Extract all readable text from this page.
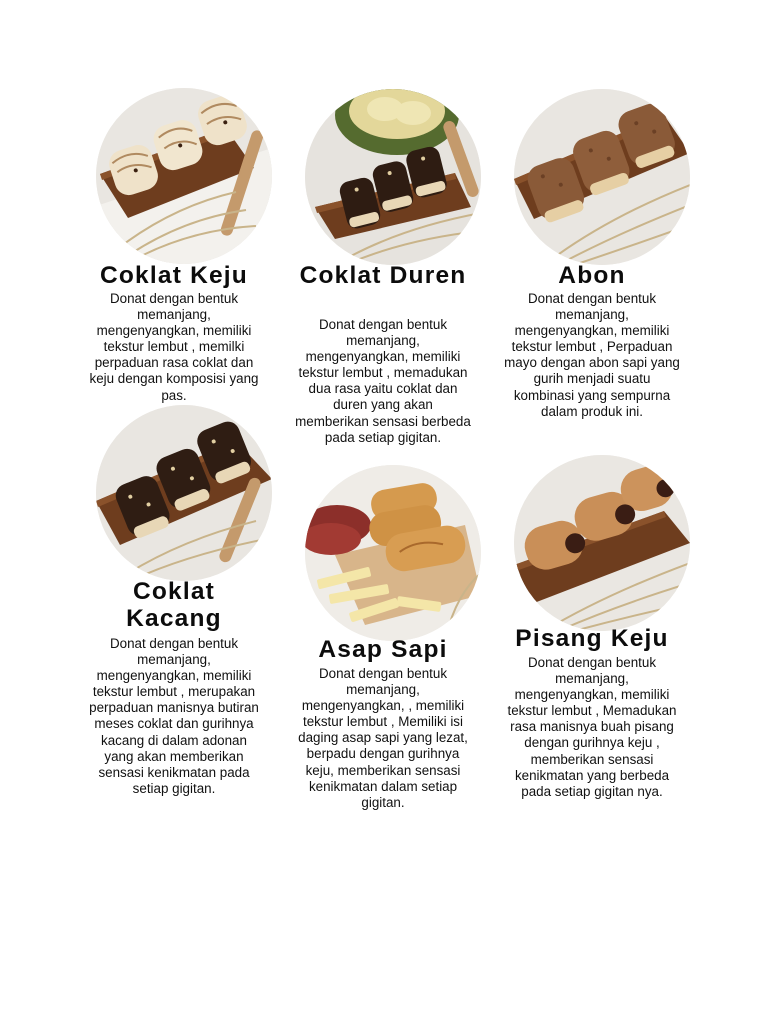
Coklat Keju
Donat dengan bentuk memanjang, mengenyangkan, memiliki tekstur lembut , memilki perpaduan rasa coklat dan keju dengan komposisi yang pas.
Coklat Duren
Donat dengan bentuk memanjang, mengenyangkan, memiliki tekstur lembut , memadukan dua rasa yaitu coklat dan duren yang akan memberikan sensasi berbeda pada setiap gigitan.
Abon
Donat dengan bentuk memanjang, mengenyangkan, memiliki tekstur lembut , Perpaduan mayo dengan abon sapi yang gurih menjadi suatu kombinasi yang sempurna dalam produk ini.
Coklat Kacang
Donat dengan bentuk memanjang, mengenyangkan, memiliki tekstur lembut , merupakan perpaduan manisnya butiran meses coklat dan gurihnya kacang di dalam adonan yang akan memberikan sensasi kenikmatan pada setiap gigitan.
Asap Sapi
Donat dengan bentuk memanjang, mengenyangkan, , memiliki tekstur lembut , Memiliki isi daging asap sapi yang lezat, berpadu dengan gurihnya keju, memberikan sensasi kenikmatan dalam setiap gigitan.
Pisang Keju
Donat dengan bentuk memanjang, mengenyangkan, memiliki tekstur lembut , Memadukan rasa manisnya buah pisang dengan gurihnya keju , memberikan sensasi kenikmatan yang berbeda pada setiap gigitan nya.
